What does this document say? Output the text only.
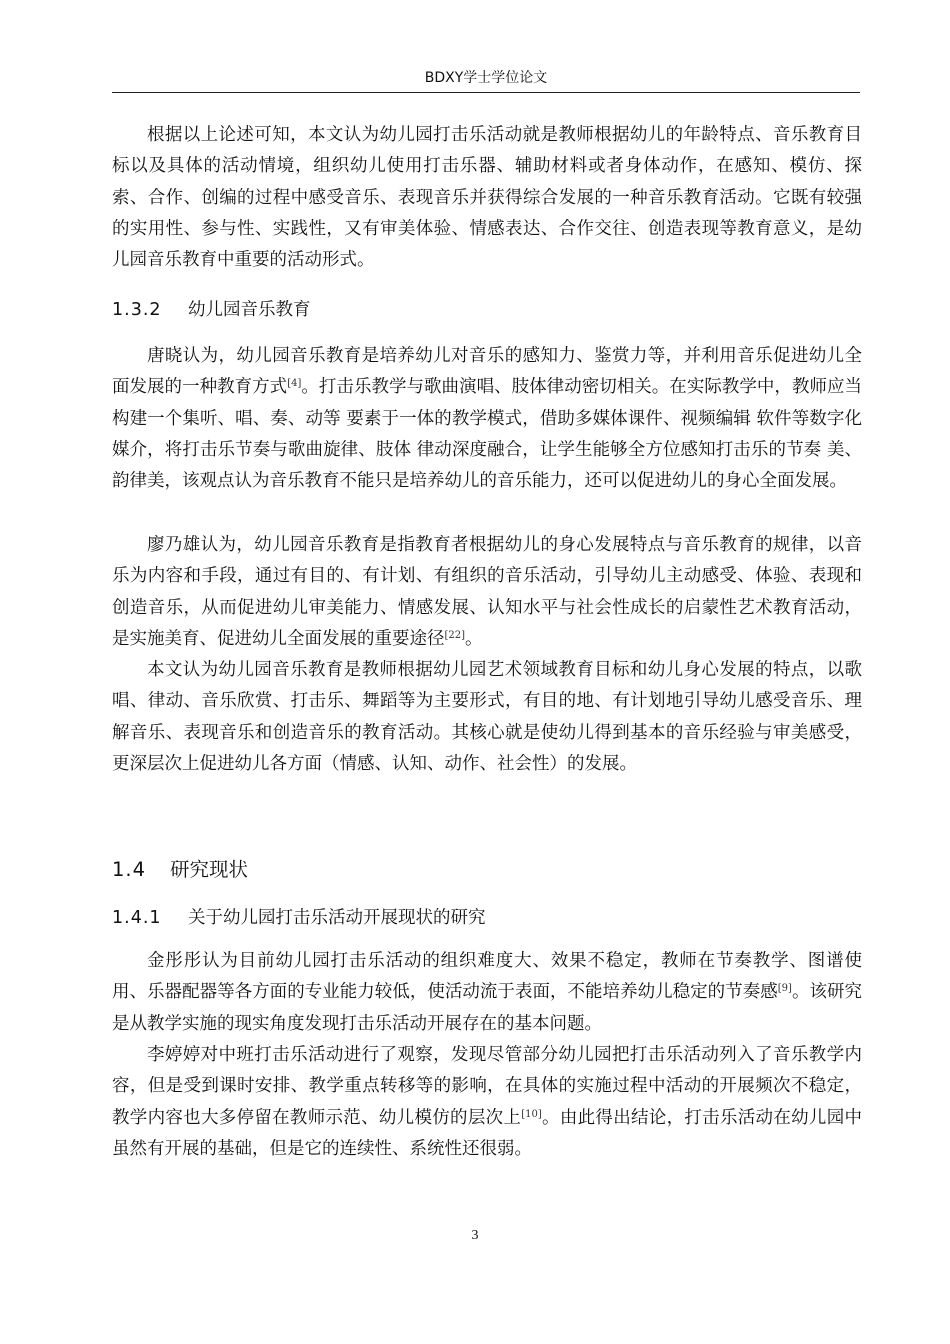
BDXY学士学位论文

根据以上论述可知，本文认为幼儿园打击乐活动就是教师根据幼儿的年龄特点、音乐教育目标以及具体的活动情境，组织幼儿使用打击乐器、辅助材料或者身体动作，在感知、模仿、探索、合作、创编的过程中感受音乐、表现音乐并获得综合发展的一种音乐教育活动。它既有较强的实用性、参与性、实践性，又有审美体验、情感表达、合作交往、创造表现等教育意义，是幼儿园音乐教育中重要的活动形式。

1.3.2 幼儿园音乐教育

唐晓认为，幼儿园音乐教育是培养幼儿对音乐的感知力、鉴赏力等，并利用音乐促进幼儿全面发展的一种教育方式[4]。打击乐教学与歌曲演唱、肢体律动密切相关。在实际教学中，教师应当构建一个集听、唱、奏、动等 要素于一体的教学模式，借助多媒体课件、视频编辑 软件等数字化媒介，将打击乐节奏与歌曲旋律、肢体 律动深度融合，让学生能够全方位感知打击乐的节奏 美、韵律美，该观点认为音乐教育不能只是培养幼儿的音乐能力，还可以促进幼儿的身心全面发展。

廖乃雄认为，幼儿园音乐教育是指教育者根据幼儿的身心发展特点与音乐教育的规律，以音乐为内容和手段，通过有目的、有计划、有组织的音乐活动，引导幼儿主动感受、体验、表现和创造音乐，从而促进幼儿审美能力、情感发展、认知水平与社会性成长的启蒙性艺术教育活动，是实施美育、促进幼儿全面发展的重要途径[22]。

本文认为幼儿园音乐教育是教师根据幼儿园艺术领域教育目标和幼儿身心发展的特点，以歌唱、律动、音乐欣赏、打击乐、舞蹈等为主要形式，有目的地、有计划地引导幼儿感受音乐、理解音乐、表现音乐和创造音乐的教育活动。其核心就是使幼儿得到基本的音乐经验与审美感受，更深层次上促进幼儿各方面（情感、认知、动作、社会性）的发展。

1.4 研究现状
1.4.1 关于幼儿园打击乐活动开展现状的研究

金彤彤认为目前幼儿园打击乐活动的组织难度大、效果不稳定，教师在节奏教学、图谱使用、乐器配器等各方面的专业能力较低，使活动流于表面，不能培养幼儿稳定的节奏感[9]。该研究是从教学实施的现实角度发现打击乐活动开展存在的基本问题。

李婷婷对中班打击乐活动进行了观察，发现尽管部分幼儿园把打击乐活动列入了音乐教学内容，但是受到课时安排、教学重点转移等的影响，在具体的实施过程中活动的开展频次不稳定，教学内容也大多停留在教师示范、幼儿模仿的层次上[10]。由此得出结论，打击乐活动在幼儿园中虽然有开展的基础，但是它的连续性、系统性还很弱。

3
